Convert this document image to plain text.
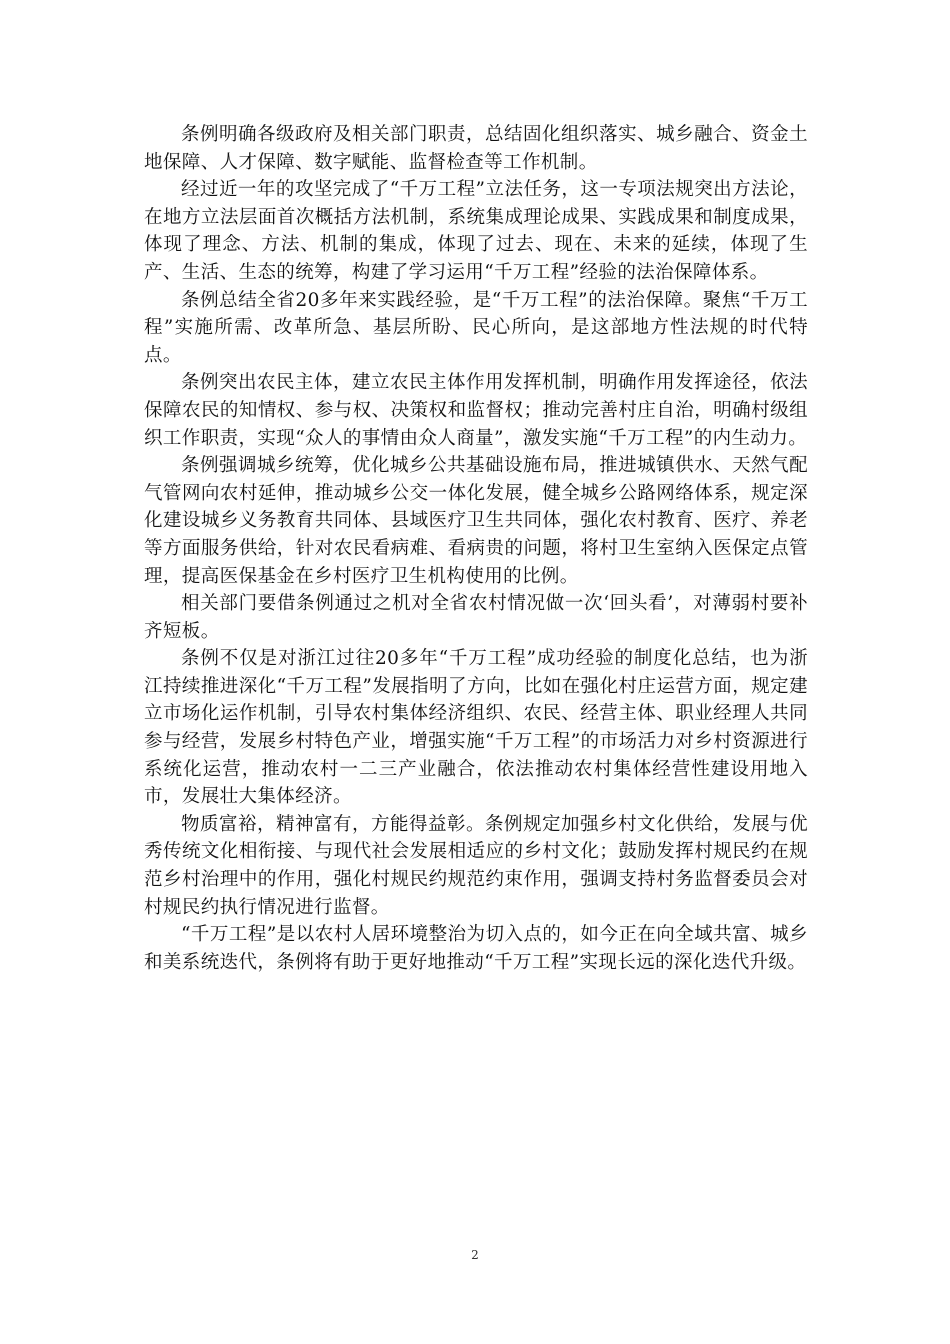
条例明确各级政府及相关部门职责，总结固化组织落实、城乡融合、资金土地保障、人才保障、数字赋能、监督检查等工作机制。

经过近一年的攻坚完成了“千万工程”立法任务，这一专项法规突出方法论，在地方立法层面首次概括方法机制，系统集成理论成果、实践成果和制度成果，体现了理念、方法、机制的集成，体现了过去、现在、未来的延续，体现了生产、生活、生态的统筹，构建了学习运用“千万工程”经验的法治保障体系。

条例总结全省20多年来实践经验，是“千万工程”的法治保障。聚焦“千万工程”实施所需、改革所急、基层所盼、民心所向，是这部地方性法规的时代特点。

条例突出农民主体，建立农民主体作用发挥机制，明确作用发挥途径，依法保障农民的知情权、参与权、决策权和监督权；推动完善村庄自治，明确村级组织工作职责，实现“众人的事情由众人商量”，激发实施“千万工程”的内生动力。

条例强调城乡统筹，优化城乡公共基础设施布局，推进城镇供水、天然气配气管网向农村延伸，推动城乡公交一体化发展，健全城乡公路网络体系，规定深化建设城乡义务教育共同体、县域医疗卫生共同体，强化农村教育、医疗、养老等方面服务供给，针对农民看病难、看病贵的问题，将村卫生室纳入医保定点管理，提高医保基金在乡村医疗卫生机构使用的比例。

相关部门要借条例通过之机对全省农村情况做一次‘回头看’，对薄弱村要补齐短板。

条例不仅是对浙江过往20多年“千万工程”成功经验的制度化总结，也为浙江持续推进深化“千万工程”发展指明了方向，比如在强化村庄运营方面，规定建立市场化运作机制，引导农村集体经济组织、农民、经营主体、职业经理人共同参与经营，发展乡村特色产业，增强实施“千万工程”的市场活力对乡村资源进行系统化运营，推动农村一二三产业融合，依法推动农村集体经营性建设用地入市，发展壮大集体经济。

物质富裕，精神富有，方能得益彰。条例规定加强乡村文化供给，发展与优秀传统文化相衔接、与现代社会发展相适应的乡村文化；鼓励发挥村规民约在规范乡村治理中的作用，强化村规民约规范约束作用，强调支持村务监督委员会对村规民约执行情况进行监督。

“千万工程”是以农村人居环境整治为切入点的，如今正在向全域共富、城乡和美系统迭代，条例将有助于更好地推动“千万工程”实现长远的深化迭代升级。

2
